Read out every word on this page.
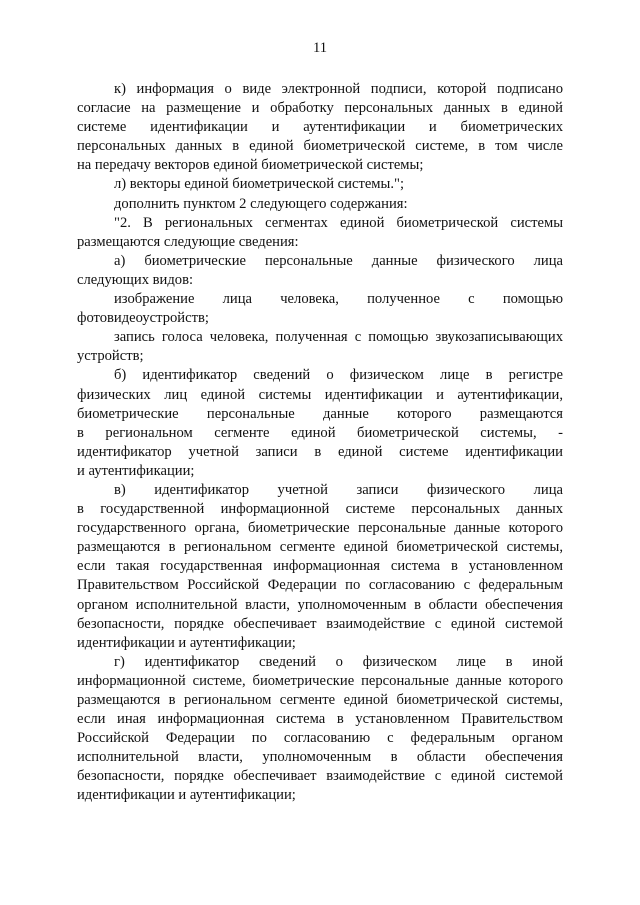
11
к) информация о виде электронной подписи, которой подписано
согласие на размещение и обработку персональных данных в единой
системе идентификации и аутентификации и биометрических
персональных данных в единой биометрической системе, в том числе
на передачу векторов единой биометрической системы;
л) векторы единой биометрической системы.";
дополнить пунктом 2 следующего содержания:
"2. В региональных сегментах единой биометрической системы
размещаются следующие сведения:
а) биометрические персональные данные физического лица
следующих видов:
изображение лица человека, полученное с помощью
фотовидеоустройств;
запись голоса человека, полученная с помощью звукозаписывающих
устройств;
б) идентификатор сведений о физическом лице в регистре
физических лиц единой системы идентификации и аутентификации,
биометрические персональные данные которого размещаются
в региональном сегменте единой биометрической системы, -
идентификатор учетной записи в единой системе идентификации
и аутентификации;
в) идентификатор учетной записи физического лица
в государственной информационной системе персональных данных
государственного органа, биометрические персональные данные которого
размещаются в региональном сегменте единой биометрической системы,
если такая государственная информационная система в установленном
Правительством Российской Федерации по согласованию с федеральным
органом исполнительной власти, уполномоченным в области обеспечения
безопасности, порядке обеспечивает взаимодействие с единой системой
идентификации и аутентификации;
г) идентификатор сведений о физическом лице в иной
информационной системе, биометрические персональные данные которого
размещаются в региональном сегменте единой биометрической системы,
если иная информационная система в установленном Правительством
Российской Федерации по согласованию с федеральным органом
исполнительной власти, уполномоченным в области обеспечения
безопасности, порядке обеспечивает взаимодействие с единой системой
идентификации и аутентификации;
